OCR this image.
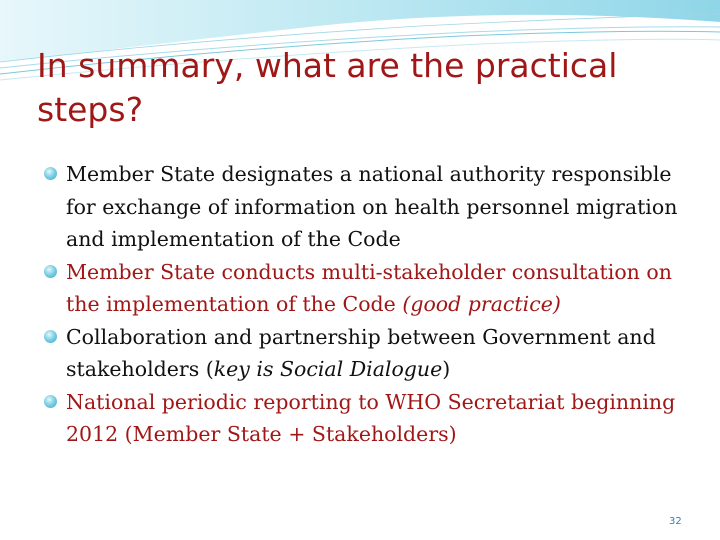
In summary, what are the practical steps?
Member State designates a national authority responsible for exchange of information on health personnel migration and implementation of the Code
Member State conducts multi-stakeholder consultation on the implementation of the Code (good practice)
Collaboration and partnership between Government and stakeholders (key is Social Dialogue)
National periodic reporting to WHO Secretariat beginning 2012 (Member State + Stakeholders)
32
